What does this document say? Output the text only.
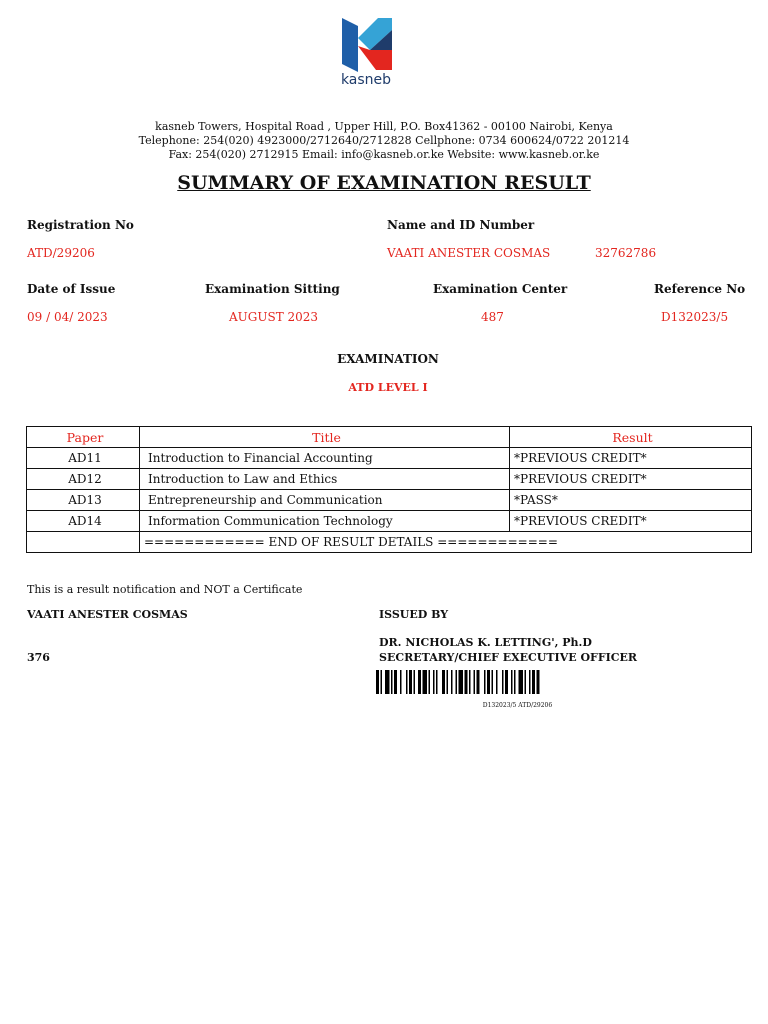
kasneb
kasneb Towers, Hospital Road , Upper Hill, P.O. Box41362 - 00100 Nairobi, Kenya
Telephone: 254(020) 4923000/2712640/2712828 Cellphone: 0734 600624/0722 201214
Fax: 254(020) 2712915 Email: info@kasneb.or.ke Website: www.kasneb.or.ke
SUMMARY OF EXAMINATION RESULT
Registration No
ATD/29206
Name and ID Number
VAATI ANESTER COSMAS	32762786
Date of Issue
09 / 04/ 2023
Examination Sitting
AUGUST 2023
Examination Center
487
Reference No
D132023/5
EXAMINATION
ATD LEVEL I
Paper	Title	Result
AD11	Introduction to Financial Accounting	*PREVIOUS CREDIT*
AD12	Introduction to Law and Ethics	*PREVIOUS CREDIT*
AD13	Entrepreneurship and Communication	*PASS*
AD14	Information Communication Technology	*PREVIOUS CREDIT*
	============ END OF RESULT DETAILS ============	
This is a result notification and NOT a Certificate
VAATI ANESTER COSMAS
376
ISSUED BY
DR. NICHOLAS K. LETTING', Ph.D
SECRETARY/CHIEF EXECUTIVE OFFICER
D132023/5 ATD/29206
